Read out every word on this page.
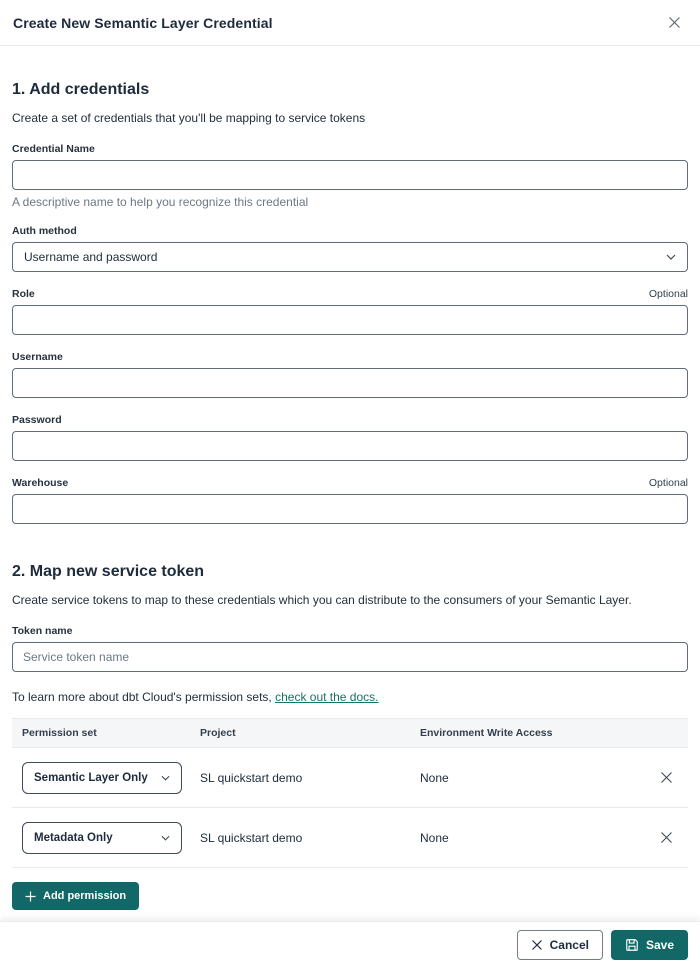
Create New Semantic Layer Credential
1. Add credentials
Create a set of credentials that you'll be mapping to service tokens
Credential Name
A descriptive name to help you recognize this credential
Auth method
Username and password
Role	Optional
Username
Password
Warehouse	Optional
2. Map new service token
Create service tokens to map to these credentials which you can distribute to the consumers of your Semantic Layer.
Token name
Service token name
To learn more about dbt Cloud's permission sets, check out the docs.
Permission set	Project	Environment Write Access
Semantic Layer Only	SL quickstart demo	None
Metadata Only	SL quickstart demo	None
Add permission
Cancel	Save
